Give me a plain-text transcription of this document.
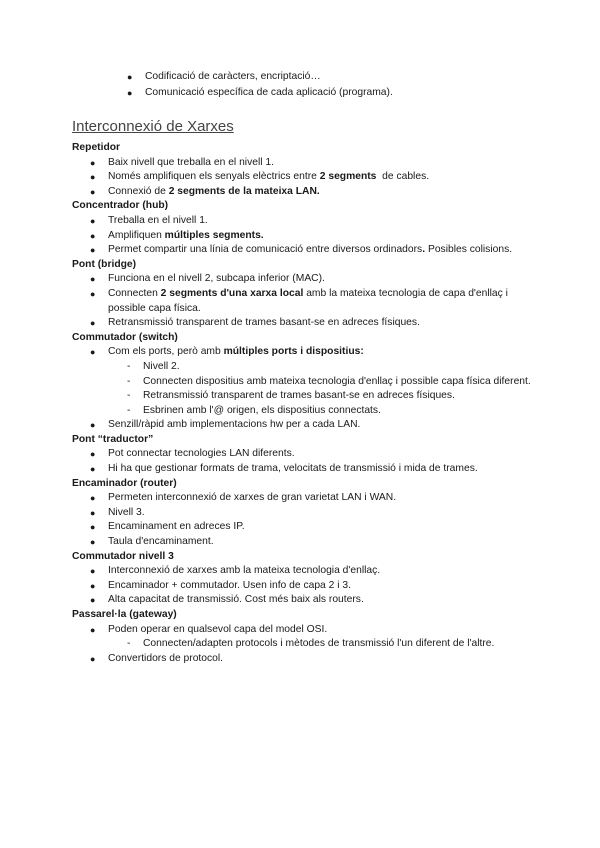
● Codificació de caràcters, encriptació…
● Comunicació específica de cada aplicació (programa).
Interconnexió de Xarxes
Repetidor
● Baix nivell que treballa en el nivell 1.
● Només amplifiquen els senyals elèctrics entre 2 segments  de cables.
● Connexió de 2 segments de la mateixa LAN.
Concentrador (hub)
● Treballa en el nivell 1.
● Amplifiquen múltiples segments.
● Permet compartir una línia de comunicació entre diversos ordinadors. Posibles colisions.
Pont (bridge)
● Funciona en el nivell 2, subcapa inferior (MAC).
● Connecten 2 segments d'una xarxa local amb la mateixa tecnologia de capa d'enllaç i possible capa física.
● Retransmissió transparent de trames basant-se en adreces físiques.
Commutador (switch)
● Com els ports, però amb múltiples ports i dispositius:
- Nivell 2.
- Connecten dispositius amb mateixa tecnologia d'enllaç i possible capa física diferent.
- Retransmissió transparent de trames basant-se en adreces físiques.
- Esbrinen amb l'@ origen, els dispositius connectats.
● Senzill/ràpid amb implementacions hw per a cada LAN.
Pont “traductor”
● Pot connectar tecnologies LAN diferents.
● Hi ha que gestionar formats de trama, velocitats de transmissió i mida de trames.
Encaminador (router)
● Permeten interconnexió de xarxes de gran varietat LAN i WAN.
● Nivell 3.
● Encaminament en adreces IP.
● Taula d'encaminament.
Commutador nivell 3
● Interconnexió de xarxes amb la mateixa tecnologia d'enllaç.
● Encaminador + commutador. Usen info de capa 2 i 3.
● Alta capacitat de transmissió. Cost més baix als routers.
Passarel·la (gateway)
● Poden operar en qualsevol capa del model OSI.
- Connecten/adapten protocols i mètodes de transmissió l'un diferent de l'altre.
● Convertidors de protocol.
